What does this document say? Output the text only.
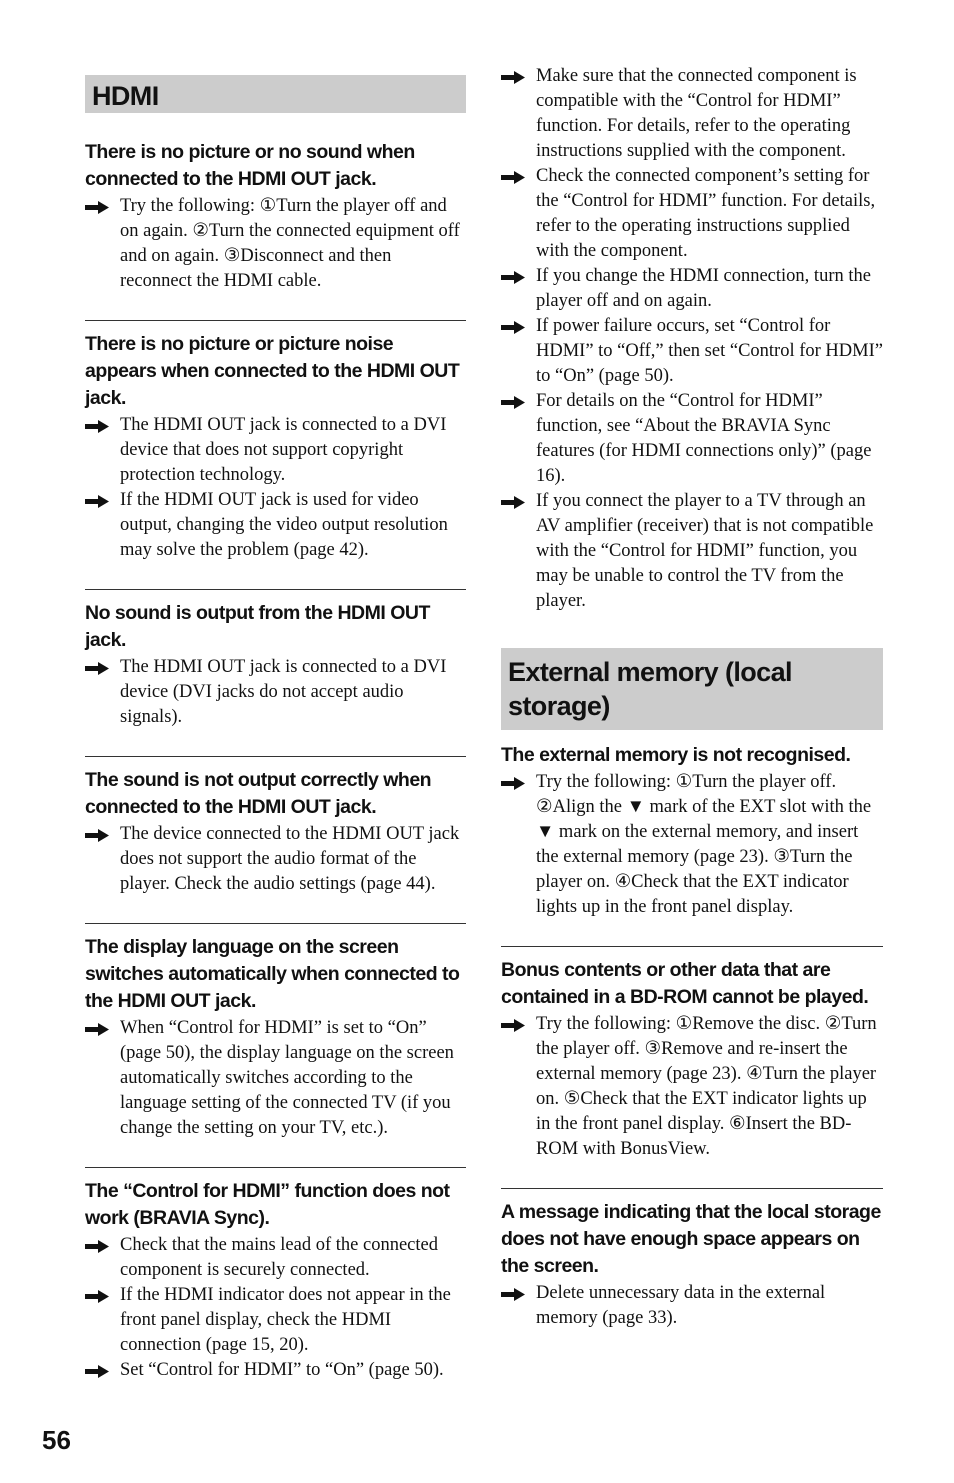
HDMI
There is no picture or no sound when connected to the HDMI OUT jack.
Try the following: ①Turn the player off and on again. ②Turn the connected equipment off and on again. ③Disconnect and then reconnect the HDMI cable.
There is no picture or picture noise appears when connected to the HDMI OUT jack.
The HDMI OUT jack is connected to a DVI device that does not support copyright protection technology.
If the HDMI OUT jack is used for video output, changing the video output resolution may solve the problem (page 42).
No sound is output from the HDMI OUT jack.
The HDMI OUT jack is connected to a DVI device (DVI jacks do not accept audio signals).
The sound is not output correctly when connected to the HDMI OUT jack.
The device connected to the HDMI OUT jack does not support the audio format of the player. Check the audio settings (page 44).
The display language on the screen switches automatically when connected to the HDMI OUT jack.
When “Control for HDMI” is set to “On” (page 50), the display language on the screen automatically switches according to the language setting of the connected TV (if you change the setting on your TV, etc.).
The “Control for HDMI” function does not work (BRAVIA Sync).
Check that the mains lead of the connected component is securely connected.
If the HDMI indicator does not appear in the front panel display, check the HDMI connection (page 15, 20).
Set “Control for HDMI” to “On” (page 50).
Make sure that the connected component is compatible with the “Control for HDMI” function. For details, refer to the operating instructions supplied with the component.
Check the connected component’s setting for the “Control for HDMI” function. For details, refer to the operating instructions supplied with the component.
If you change the HDMI connection, turn the player off and on again.
If power failure occurs, set “Control for HDMI” to “Off,” then set “Control for HDMI” to “On” (page 50).
For details on the “Control for HDMI” function, see “About the BRAVIA Sync features (for HDMI connections only)” (page 16).
If you connect the player to a TV through an AV amplifier (receiver) that is not compatible with the “Control for HDMI” function, you may be unable to control the TV from the player.
External memory (local storage)
The external memory is not recognised.
Try the following: ①Turn the player off. ②Align the ▼ mark of the EXT slot with the ▼ mark on the external memory, and insert the external memory (page 23). ③Turn the player on. ④Check that the EXT indicator lights up in the front panel display.
Bonus contents or other data that are contained in a BD-ROM cannot be played.
Try the following: ①Remove the disc. ②Turn the player off. ③Remove and re-insert the external memory (page 23). ④Turn the player on. ⑤Check that the EXT indicator lights up in the front panel display. ⑥Insert the BD-ROM with BonusView.
A message indicating that the local storage does not have enough space appears on the screen.
Delete unnecessary data in the external memory (page 33).
56
